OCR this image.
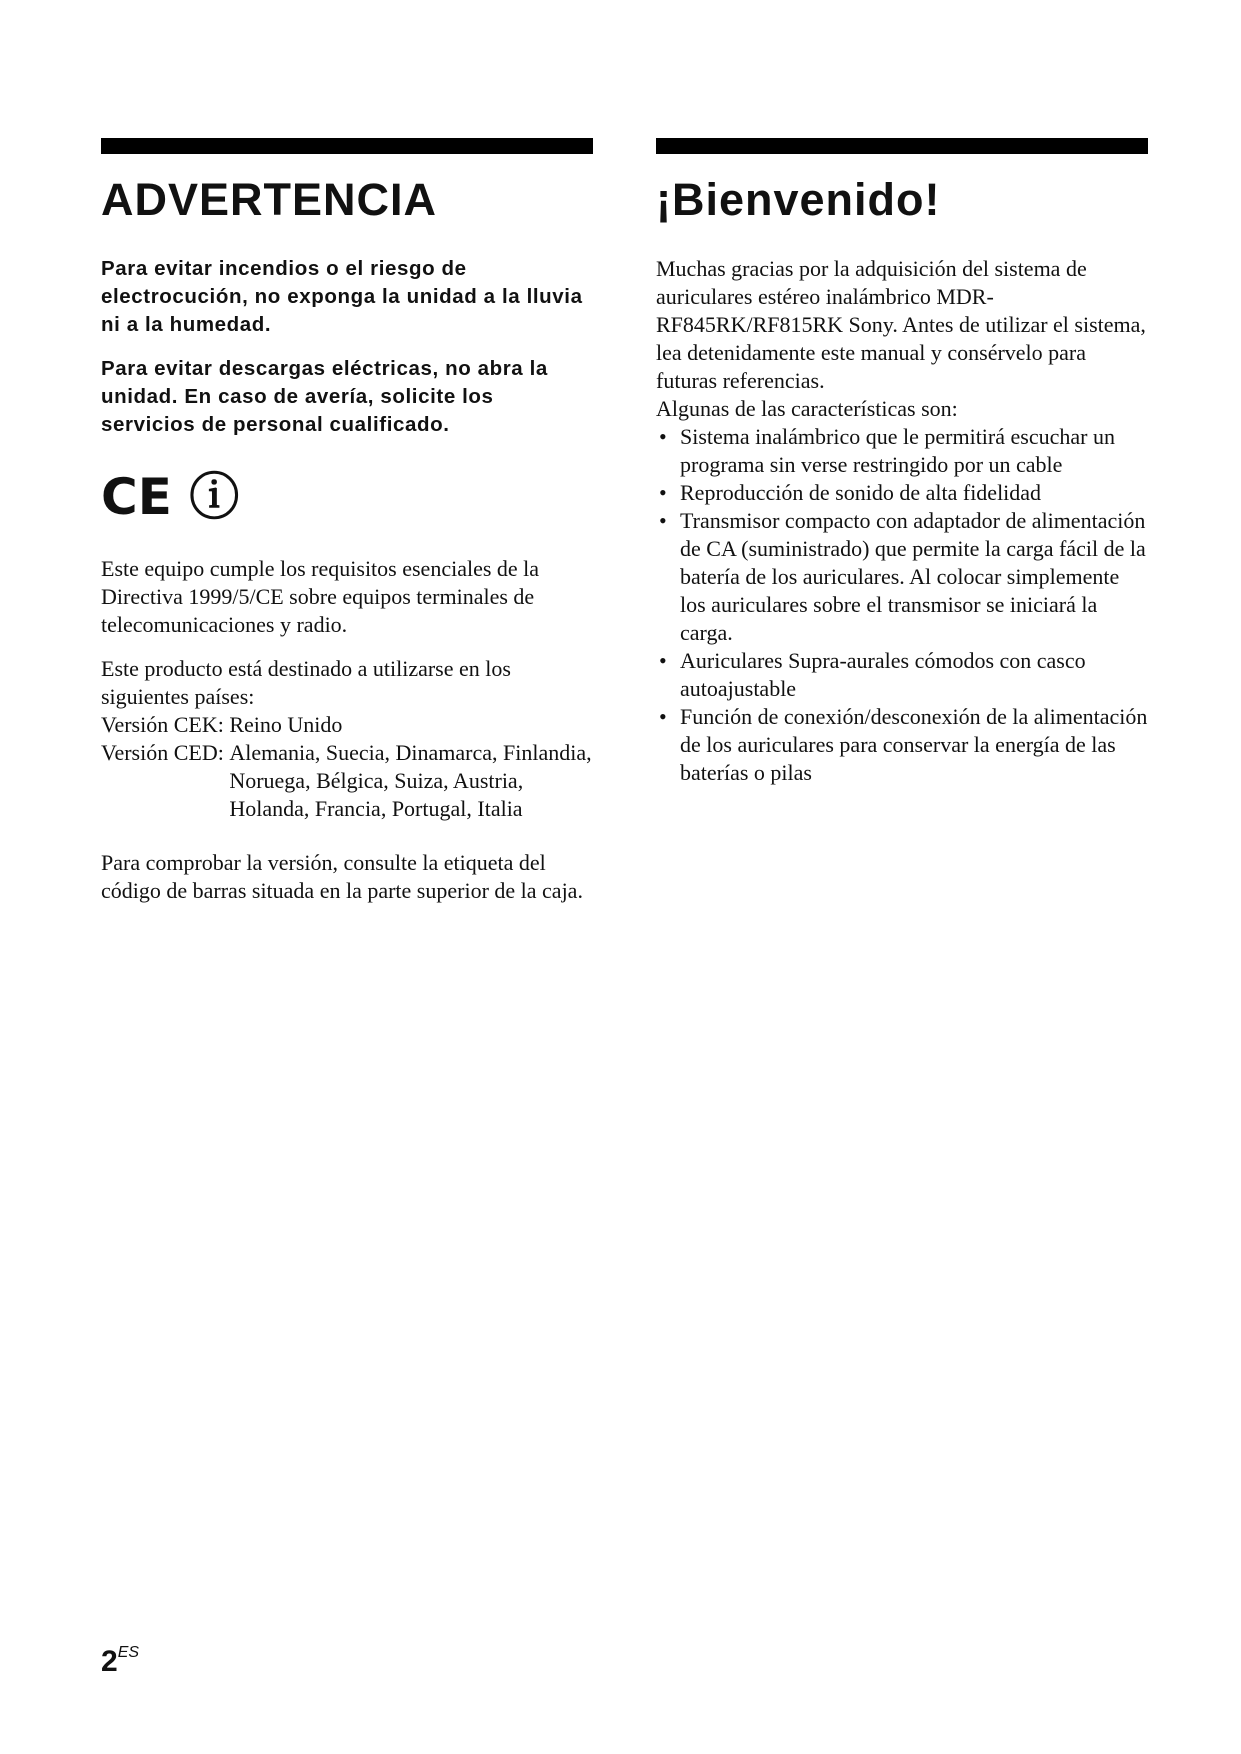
ADVERTENCIA

Para evitar incendios o el riesgo de electrocución, no exponga la unidad a la lluvia ni a la humedad.

Para evitar descargas eléctricas, no abra la unidad. En caso de avería, solicite los servicios de personal cualificado.

CE ⓘ

Este equipo cumple los requisitos esenciales de la Directiva 1999/5/CE sobre equipos terminales de telecomunicaciones y radio.

Este producto está destinado a utilizarse en los siguientes países:

Versión CEK:
Reino Unido
Versión CED:
Alemania, Suecia, Dinamarca, Finlandia, Noruega, Bélgica, Suiza, Austria, Holanda, Francia, Portugal, Italia

Para comprobar la versión, consulte la etiqueta del código de barras situada en la parte superior de la caja.

¡Bienvenido!

Muchas gracias por la adquisición del sistema de auriculares estéreo inalámbrico MDR-RF845RK/RF815RK Sony. Antes de utilizar el sistema, lea detenidamente este manual y consérvelo para futuras referencias.

Algunas de las características son:

• Sistema inalámbrico que le permitirá escuchar un programa sin verse restringido por un cable
• Reproducción de sonido de alta fidelidad
• Transmisor compacto con adaptador de alimentación de CA (suministrado) que permite la carga fácil de la batería de los auriculares. Al colocar simplemente los auriculares sobre el transmisor se iniciará la carga.
• Auriculares Supra-aurales cómodos con casco autoajustable
• Función de conexión/desconexión de la alimentación de los auriculares para conservar la energía de las baterías o pilas
$2^{ES}$
